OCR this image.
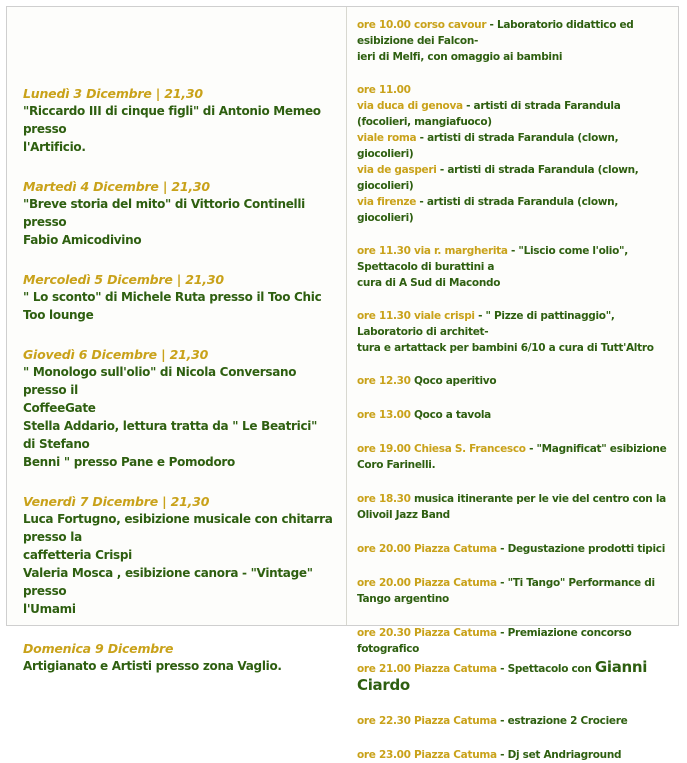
Lunedì 3 Dicembre | 21,30
"Riccardo III di cinque figli" di Antonio Memeo presso
l'Artificio.
Martedì 4 Dicembre | 21,30
"Breve storia del mito" di Vittorio Continelli presso
Fabio Amicodivino
Mercoledì 5 Dicembre | 21,30
" Lo sconto" di Michele Ruta presso il Too Chic Too lounge
Giovedì 6 Dicembre | 21,30
" Monologo sull'olio" di Nicola Conversano presso il
CoffeeGate
Stella Addario, lettura tratta da " Le Beatrici" di Stefano
Benni " presso Pane e Pomodoro
Venerdì 7 Dicembre | 21,30
Luca Fortugno, esibizione musicale con chitarra presso la
caffetteria Crispi
Valeria Mosca , esibizione canora - "Vintage" presso
l'Umami
Domenica 9 Dicembre
Artigianato e Artisti presso zona Vaglio.
ore 10.00 corso cavour - Laboratorio didattico ed esibizione dei Falcon-
ieri di Melfi, con omaggio ai bambini
ore 11.00
via duca di genova - artisti di strada Farandula (focolieri, mangiafuoco)
viale roma - artisti di strada Farandula (clown, giocolieri)
via de gasperi - artisti di strada Farandula (clown, giocolieri)
via firenze - artisti di strada Farandula (clown, giocolieri)
ore 11.30 via r. margherita - "Liscio come l'olio", Spettacolo di burattini a
cura di A Sud di Macondo
ore 11.30 viale crispi - " Pizze di pattinaggio", Laboratorio di architet-
tura e artattack per bambini 6/10 a cura di Tutt'Altro
ore 12.30 Qoco aperitivo
ore 13.00 Qoco a tavola
ore 19.00 Chiesa S. Francesco - "Magnificat" esibizione Coro Farinelli.
ore 18.30 musica itinerante per le vie del centro con la Olivoil Jazz Band
ore 20.00 Piazza Catuma - Degustazione prodotti tipici
ore 20.00 Piazza Catuma - "Ti Tango" Performance di Tango argentino
ore 20.30 Piazza Catuma - Premiazione concorso fotografico
ore 21.00 Piazza Catuma - Spettacolo con Gianni Ciardo
ore 22.30 Piazza Catuma - estrazione 2 Crociere
ore 23.00 Piazza Catuma - Dj set Andriaground
